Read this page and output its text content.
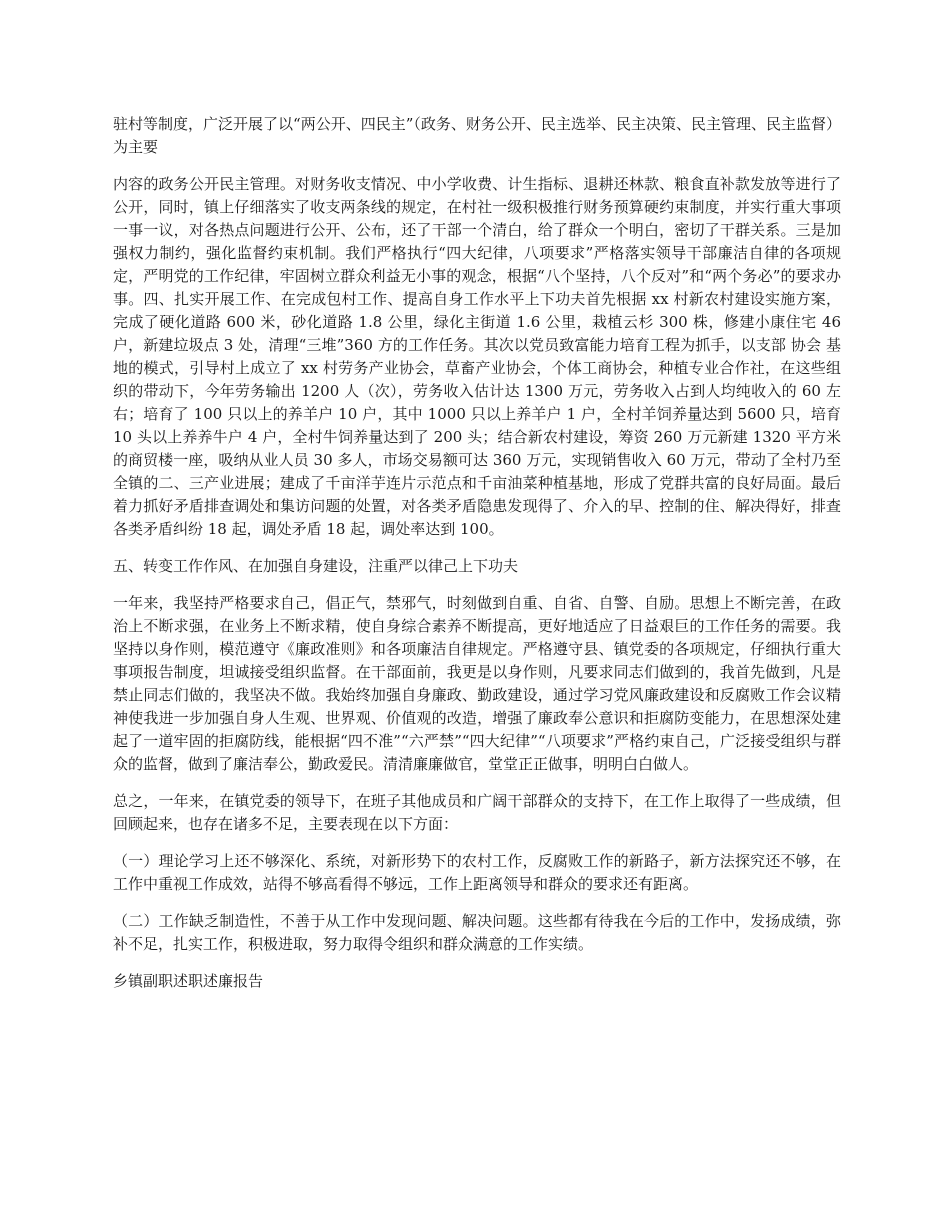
驻村等制度，广泛开展了以“两公开、四民主”（政务、财务公开、民主选举、民主决策、民主管理、民主监督）为主要

内容的政务公开民主管理。对财务收支情况、中小学收费、计生指标、退耕还林款、粮食直补款发放等进行了公开，同时，镇上仔细落实了收支两条线的规定，在村社一级积极推行财务预算硬约束制度，并实行重大事项一事一议，对各热点问题进行公开、公布，还了干部一个清白，给了群众一个明白，密切了干群关系。三是加强权力制约，强化监督约束机制。我们严格执行“四大纪律，八项要求”严格落实领导干部廉洁自律的各项规定，严明党的工作纪律，牢固树立群众利益无小事的观念，根据“八个坚持，八个反对”和“两个务必”的要求办事。四、扎实开展工作、在完成包村工作、提高自身工作水平上下功夫首先根据 xx 村新农村建设实施方案，完成了硬化道路 600 米，砂化道路 1.8 公里，绿化主街道 1.6 公里，栽植云杉 300 株，修建小康住宅 46 户，新建垃圾点 3 处，清理“三堆”360 方的工作任务。其次以党员致富能力培育工程为抓手，以支部 协会 基地的模式，引导村上成立了 xx 村劳务产业协会，草畜产业协会，个体工商协会，种植专业合作社，在这些组织的带动下，今年劳务输出 1200 人（次），劳务收入估计达 1300 万元，劳务收入占到人均纯收入的 60 左右；培育了 100 只以上的养羊户 10 户，其中 1000 只以上养羊户 1 户，全村羊饲养量达到 5600 只，培育 10 头以上养养牛户 4 户，全村牛饲养量达到了 200 头；结合新农村建设，筹资 260 万元新建 1320 平方米的商贸楼一座，吸纳从业人员 30 多人，市场交易额可达 360 万元，实现销售收入 60 万元，带动了全村乃至全镇的二、三产业进展；建成了千亩洋芋连片示范点和千亩油菜种植基地，形成了党群共富的良好局面。最后着力抓好矛盾排查调处和集访问题的处置，对各类矛盾隐患发现得了、介入的早、控制的住、解决得好，排查各类矛盾纠纷 18 起，调处矛盾 18 起，调处率达到 100。

五、转变工作作风、在加强自身建设，注重严以律己上下功夫

一年来，我坚持严格要求自己，倡正气，禁邪气，时刻做到自重、自省、自警、自励。思想上不断完善，在政治上不断求强，在业务上不断求精，使自身综合素养不断提高，更好地适应了日益艰巨的工作任务的需要。我坚持以身作则，模范遵守《廉政准则》和各项廉洁自律规定。严格遵守县、镇党委的各项规定，仔细执行重大事项报告制度，坦诚接受组织监督。在干部面前，我更是以身作则，凡要求同志们做到的，我首先做到，凡是禁止同志们做的，我坚决不做。我始终加强自身廉政、勤政建设，通过学习党风廉政建设和反腐败工作会议精神使我进一步加强自身人生观、世界观、价值观的改造，增强了廉政奉公意识和拒腐防变能力，在思想深处建起了一道牢固的拒腐防线，能根据“四不准”“六严禁”“四大纪律”“八项要求”严格约束自己，广泛接受组织与群众的监督，做到了廉洁奉公，勤政爱民。清清廉廉做官，堂堂正正做事，明明白白做人。

总之，一年来，在镇党委的领导下，在班子其他成员和广阔干部群众的支持下，在工作上取得了一些成绩，但回顾起来，也存在诸多不足，主要表现在以下方面：

（一）理论学习上还不够深化、系统，对新形势下的农村工作，反腐败工作的新路子，新方法探究还不够，在工作中重视工作成效，站得不够高看得不够远，工作上距离领导和群众的要求还有距离。

（二）工作缺乏制造性，不善于从工作中发现问题、解决问题。这些都有待我在今后的工作中，发扬成绩，弥补不足，扎实工作，积极进取，努力取得令组织和群众满意的工作实绩。

乡镇副职述职述廉报告
